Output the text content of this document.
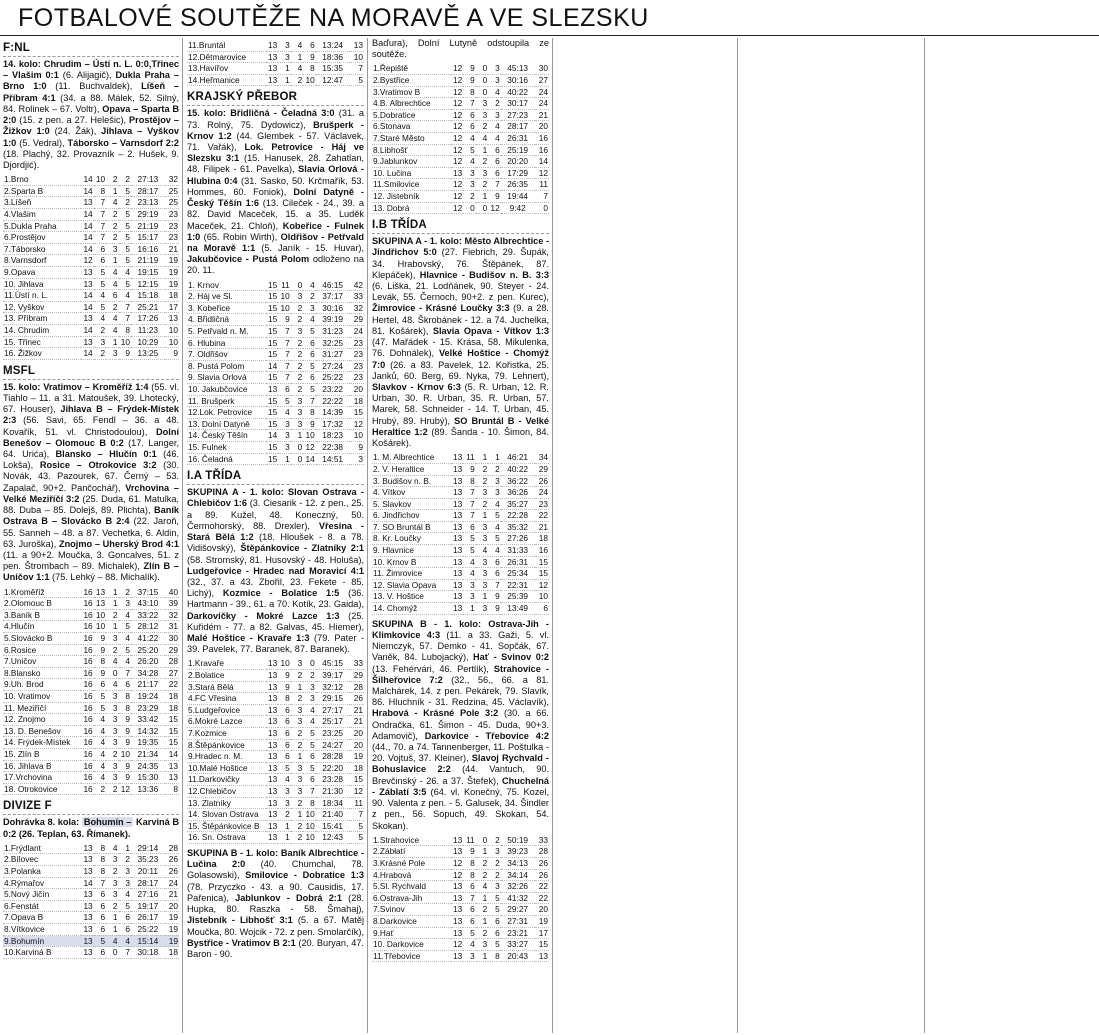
FOTBALOVÉ SOUTĚŽE NA MORAVĚ A VE SLEZSKU
F:NL
14. kolo: Chrudim – Ústí n. L. 0:0,Třinec – Vlašim 0:1 (6. Alijagič), Dukla Praha – Brno 1:0 (11. Buchvaldek), Líšeň – Příbram 4:1 (34. a 88. Málek, 52. Silný, 84. Rolinek – 67. Voltr), Opava – Sparta B 2:0 (15. z pen. a 27. Helešic), Prostějov – Žižkov 1:0 (24. Žák), Jihlava – Vyškov 1:0 (5. Vedral), Táborsko – Varnsdorf 2:2 (18. Plachý, 32. Provazník – 2. Hušek, 9. Djordjić).
1.Brno	14	10	2	2	27:13	32
2.Sparta B	14	8	1	5	28:17	25
3.Líšeň	13	7	4	2	23:13	25
4.Vlašim	14	7	2	5	29:19	23
5.Dukla Praha	14	7	2	5	21:19	23
6.Prostějov	14	7	2	5	15:17	23
7.Táborsko	14	6	3	5	16:16	21
8.Varnsdorf	12	6	1	5	21:19	19
9.Opava	13	5	4	4	19:15	19
10. Jihlava	13	5	4	5	12:15	19
11.Ústí n. L.	14	4	6	4	15:18	18
12. Vyškov	14	5	2	7	25:21	17
13. Příbram	13	4	4	7	17:26	13
14. Chrudim	14	2	4	8	11:23	10
15. Třinec	13	3	1	10	10:29	10
16. Žižkov	14	2	3	9	13:25	9
MSFL
15. kolo: Vratimov – Kroměříž 1:4 (55. vl. Tiahlo – 11. a 31. Matoušek, 39. Lhotecký, 67. Houser), Jihlava B – Frýdek-Místek 2:3 (56. Savi, 65. Fendl – 36. a 48. Kovařík, 51. vl. Christodoulou), Dolní Benešov – Olomouc B 0:2 (17. Langer, 64. Urića), Blansko – Hlučín 0:1 (46. Lokša), Rosice – Otrokovice 3:2 (30. Novák, 43. Pazourek, 67. Černý – 53. Zapalač, 90+2. Pančochář), Vrchovina – Velké Meziříčí 3:2 (25. Duda, 61. Matulka, 88. Duba – 85. Dolejš, 89. Plichta), Baník Ostrava B – Slovácko B 2:4 (22. Jaroň, 55. Sanneh – 48. a 87. Vechetka, 6. Aldin, 63. Juroška), Znojmo – Uherský Brod 4:1 (11. a 90+2. Moučka, 3. Goncalves, 51. z pen. Štrombach – 89. Michalek), Zlín B – Uničov 1:1 (75. Lehký – 88. Michalík).
1.Kroměříž	16	13	1	2	37:15	40
2.Olomouc B	16	13	1	3	43:10	39
3.Baník B	16	10	2	4	33:22	32
4.Hlučín	16	10	1	5	28:12	31
5.Slovácko B	16	9	3	4	41:22	30
6.Rosice	16	9	2	5	25:20	29
7.Uničov	16	8	4	4	26:20	28
8.Blansko	16	9	0	7	34:28	27
9.Uh. Brod	16	6	4	6	21:17	22
10. Vratimov	16	5	3	8	19:24	18
11. Meziříčí	16	5	3	8	23:29	18
12. Znojmo	16	4	3	9	33:42	15
13. D. Benešov	16	4	3	9	14:32	15
14. Frýdek-Místek	16	4	3	9	19:35	15
15. Zlín B	16	4	2	10	21:34	14
16. Jihlava B	16	4	3	9	24:35	13
17.Vrchovina	16	4	3	9	15:30	13
18. Otrokovice	16	2	2	12	13:36	8
DIVIZE F
Dohrávka 8. kola: Bohumín – Karviná B 0:2 (26. Teplan, 63. Římanek).
1.Frýdlant	13	8	4	1	29:14	28
2.Bílovec	13	8	3	2	35:23	26
3.Polanka	13	8	2	3	20:11	26
4.Rýmařov	14	7	3	3	28:17	24
5.Nový Jičín	13	6	3	4	27:16	21
6.Fenstát	13	6	2	5	19:17	20
7.Opava B	13	6	1	6	26:17	19
8.Vítkovice	13	6	1	6	25:22	19
9.Bohumín	13	5	4	4	15:14	19
10.Karviná B	13	6	0	7	30:18	18
11.Bruntál	13	3	4	6	13:24	13
12.Dětmarovice	13	3	1	9	18:36	10
13.Havířov	13	1	4	8	15:35	7
14.Heřmanice	13	1	2	10	12:47	5
KRAJSKÝ PŘEBOR
15. kolo: Břidličná - Čeladná 3:0 (31. a 73. Rolný, 75. Dydowicz), Brušperk - Krnov 1:2 (44. Glembek - 57. Václavek, 71. Vařák), Lok. Petrovice - Háj ve Slezsku 3:1 (15. Hanusek, 28. Zahatlan, 48. Filipek - 61. Pavelka), Slavia Orlová - Hlubina 0:4 (31. Sasko, 50. Krčmařík, 53. Hommes, 60. Foniok), Dolní Datyně - Český Těšín 1:6 (13. Cileček - 24., 39. a 82. David Maceček, 15. a 35. Luděk Maceček, 21. Chloň), Kobeřice - Fulnek 1:0 (65. Robin Wirth), Oldřišov - Petřvald na Moravě 1:1 (5. Janík - 15. Huvar), Jakubčovice - Pustá Polom odloženo na 20. 11.
1. Krnov	15	11	0	4	46:15	42
2. Háj ve Sl.	15	10	3	2	37:17	33
3. Kobeřice	15	10	2	3	30:16	32
4. Břidličná	15	9	2	4	39:19	29
5. Petřvald n. M.	15	7	3	5	31:23	24
6. Hlubina	15	7	2	6	32:25	23
7. Oldřišov	15	7	2	6	31:27	23
8. Pustá Polom	14	7	2	5	27:24	23
9. Slavia Orlová	15	7	2	6	25:22	23
10. Jakubčovice	13	6	2	5	23:22	20
11. Brušperk	15	5	3	7	22:22	18
12.Lok. Petrovice	15	4	3	8	14:39	15
13. Dolní Datyně	15	3	3	9	17:32	12
14. Český Těšín	14	3	1	10	18:23	10
15. Fulnek	15	3	0	12	22:38	9
16. Čeladná	15	1	0	14	14:51	3
I.A TŘÍDA
SKUPINA A - 1. kolo: Slovan Ostrava - Chlebičov 1:6 (3. Ciesarik - 12. z pen., 25. a 89. Kužel, 48. Koneczný, 50. Čermohorský, 88. Drexler), Vřesina - Stará Bělá 1:2 (18. Hloušek - 8. a 78. Vidišovský), Štěpánkovice - Zlatníky 2:1 (58. Stromský, 81. Husovský - 48. Holuša), Ludgeřovice - Hradec nad Moravicí 4:1 (32., 37. a 43. Zbořil, 23. Fekete - 85. Lichý), Kozmice - Bolatice 1:5 (36. Hartmann - 39., 61. a 70. Kotík, 23. Gaida), Darkovičky - Mokré Lazce 1:3 (25. Kuřidém - 77. a 82. Galvas, 45. Hiemer), Malé Hoštice - Kravaře 1:3 (79. Pater - 39. Pavelek, 77. Baranek, 87. Baranek).
1.Kravaře	13	10	3	0	45:15	33
2.Bolatice	13	9	2	2	39:17	29
3.Stará Bělá	13	9	1	3	32:12	28
4.FC Vřesina	13	8	2	3	29:15	26
5.Ludgeřovice	13	6	3	4	27:17	21
6.Mokré Lazce	13	6	3	4	25:17	21
7.Kozmice	13	6	2	5	23:25	20
8.Štěpánkovice	13	6	2	5	24:27	20
9.Hradec n. M.	13	6	1	6	28:28	19
10.Malé Hoštice	13	5	3	5	22:20	18
11.Darkovičky	13	4	3	6	23:28	15
12.Chlebičov	13	3	3	7	21:30	12
13. Zlatníky	13	3	2	8	18:34	11
14. Slovan Ostrava	13	2	1	10	21:40	7
15. Štěpánkovice B	13	1	2	10	15:41	5
16. Sn. Ostrava	13	1	2	10	12:43	5
SKUPINA B - 1. kolo: Baník Albrechtice - Lučina 2:0 (40. Chumchal, 78. Golasowski), Smilovice - Dobratice 1:3 (78. Przyczko - 43. a 90. Causidis, 17. Pařenica), Jablunkov - Dobrá 2:1 (28. Hupka, 80. Raszka - 58. Šmahaj), Jistebník - Libhošť 3:1 (5. a 67. Matěj Moučka, 80. Wojcik - 72. z pen. Smolarčík), Bystřice - Vratimov B 2:1 (20. Buryan, 47. Baron - 90.
Baďura), Dolní Lutyně odstoupila ze soutěže.
1.Řepiště	12	9	0	3	45:13	30
2.Bystřice	12	9	0	3	30:16	27
3.Vratimov B	12	8	0	4	40:22	24
4.B. Albrechtice	12	7	3	2	30:17	24
5.Dobratice	12	6	3	3	27:23	21
6.Stonava	12	6	2	4	28:17	20
7.Staré Město	12	4	4	4	26:31	16
8.Libhošť	12	5	1	6	25:19	16
9.Jablunkov	12	4	2	6	20:20	14
10. Lučina	13	3	3	6	17:29	12
11.Smilovice	12	3	2	7	26:35	11
12. Jistebník	12	2	1	9	19:44	7
13. Dobrá	12	0	0	12	9:42	0
I.B TŘÍDA
SKUPINA A - 1. kolo: Město Albrechtice - Jindřichov 5:0 (27. Fiebrich, 29. Šupák, 34. Hrabovský, 76. Štěpánek, 87. Klepáček), Hlavnice - Budišov n. B. 3:3 (6. Liška, 21. Lodňánek, 90. Steyer - 24. Levák, 55. Černoch, 90+2. z pen. Kurec), Žimrovice - Krásné Loučky 3:3 (9. a 28. Hertel, 48. Škrobánek - 12. a 74. Juchelka, 81. Košárek), Slavia Opava - Vítkov 1:3 (47. Mařádek - 15. Krása, 58. Mikulenka, 76. Dohnálek), Velké Hoštice - Chomýž 7:0 (26. a 83. Pavelek, 12. Kořistka, 25. Janků, 60. Berg, 69. Nyka, 79. Lehnert), Slavkov - Krnov 6:3 (5. R. Urban, 12. R. Urban, 30. R. Urban, 35. R. Urban, 57. Marek, 58. Schneider - 14. T. Urban, 45. Hrubý, 89. Hrubý), SO Bruntál B - Velké Heraltice 1:2 (89. Šanda - 10. Šimon, 84. Košárek).
1. M. Albrechtice	13	11	1	1	46:21	34
2. V. Heraltice	13	9	2	2	40:22	29
3. Budišov n. B.	13	8	2	3	36:22	26
4. Vítkov	13	7	3	3	36:26	24
5. Slavkov	13	7	2	4	35:27	23
6. Jindřichov	13	7	1	5	22:28	22
7. SO Bruntál B	13	6	3	4	35:32	21
8. Kr. Loučky	13	5	3	5	27:26	18
9. Hlavnice	13	5	4	4	31:33	16
10. Krnov B	13	4	3	6	26:31	15
11. Žimrovice	13	4	3	6	25:34	15
12. Slavia Opava	13	3	3	7	22:31	12
13. V. Hoštice	13	3	1	9	25:39	10
14. Chomýž	13	1	3	9	13:49	6
SKUPINA B - 1. kolo: Ostrava-Jih - Klimkovice 4:3 (11. a 33. Gaži, 5. vl. Niemczyk, 57. Demko - 41. Sopčák, 67. Vaněk, 84. Lubojacký), Hať - Svinov 0:2 (13. Fehérvári, 46. Pertlík), Strahovice - Šilheřovice 7:2 (32., 56., 66. a 81. Malchárek, 14. z pen. Pekárek, 79. Slavík, 86. Hluchník - 31. Redzina, 45. Václavík), Hrabová - Krásné Pole 3:2 (30. a 66. Ondračka, 61. Šimon - 45. Duda, 90+3. Adamovič), Darkovice - Třebovice 4:2 (44., 70. a 74. Tannenberger, 11. Poštulka - 20. Vojtuš, 37. Kleiner), Slavoj Rychvald - Bohuslavice 2:2 (44. Vantuch, 90. Brevčinský - 26. a 37. Štefek), Chuchelná - Záblatí 3:5 (64. vl. Konečný, 75. Kozel, 90. Valenta z pen. - 5. Galusek, 34. Šindler z pen., 56. Sopuch, 49. Skokan, 54. Skokan).
1.Strahovice	13	11	0	2	50:19	33
2.Zábłatí	13	9	1	3	39:23	28
3.Krásné Pole	12	8	2	2	34:13	26
4.Hrabová	12	8	2	2	34:14	26
5.Sl. Rychvald	13	6	4	3	32:26	22
6.Ostrava-Jih	13	7	1	5	41:32	22
7.Svinov	13	6	2	5	29:27	20
8.Darkovice	13	6	1	6	27:31	19
9.Hať	13	5	2	6	23:21	17
10. Darkovice	12	4	3	5	33:27	15
11.Třebovice	13	3	1	8	20:43	13
